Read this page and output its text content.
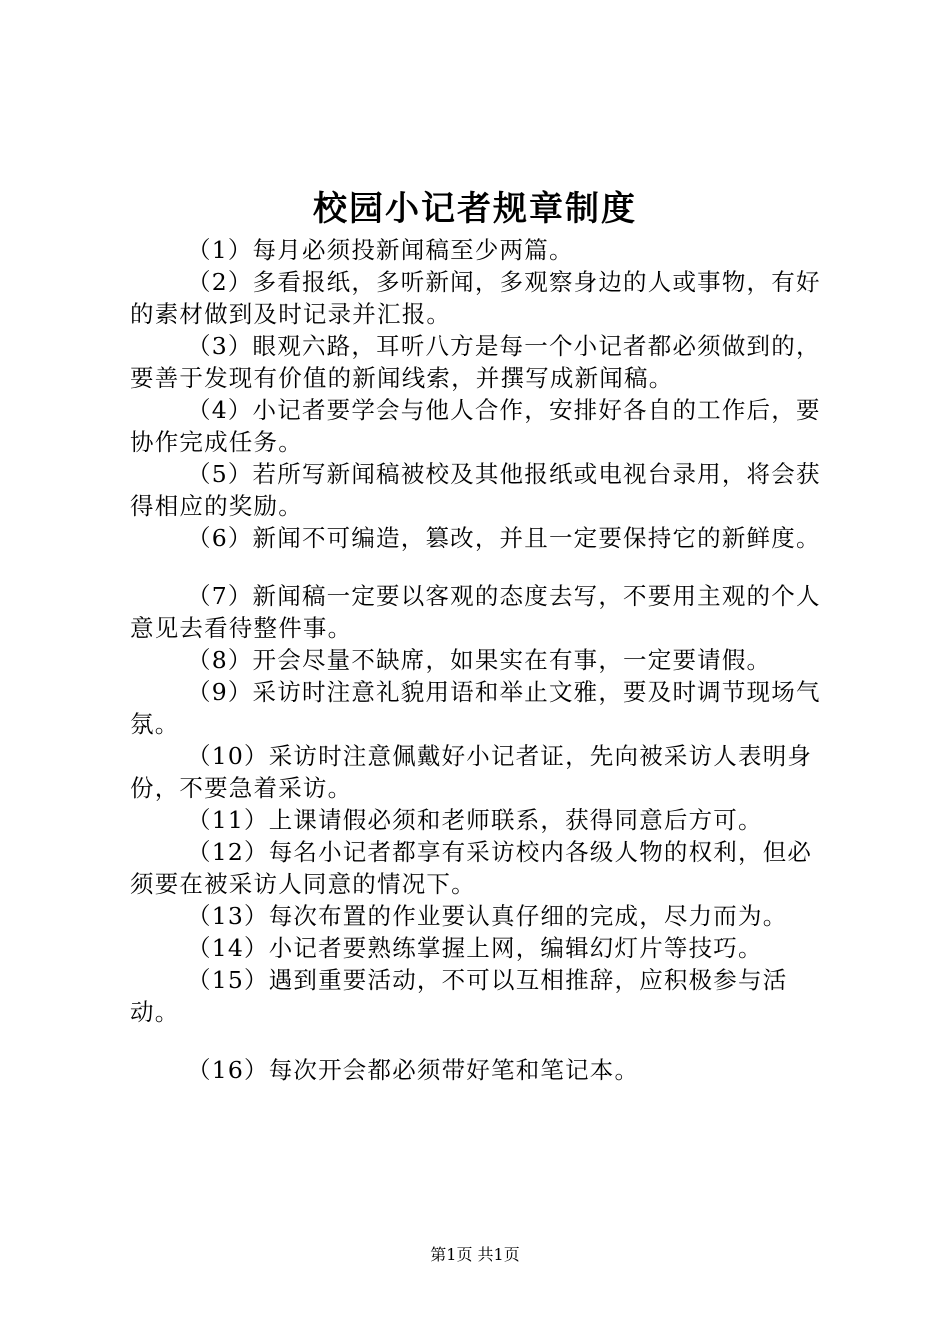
校园小记者规章制度

（1）每月必须投新闻稿至少两篇。

（2）多看报纸，多听新闻，多观察身边的人或事物，有好的素材做到及时记录并汇报。

（3）眼观六路，耳听八方是每一个小记者都必须做到的，要善于发现有价值的新闻线索，并撰写成新闻稿。

（4）小记者要学会与他人合作，安排好各自的工作后，要协作完成任务。

（5）若所写新闻稿被校及其他报纸或电视台录用，将会获得相应的奖励。

（6）新闻不可编造，篡改，并且一定要保持它的新鲜度。

（7）新闻稿一定要以客观的态度去写，不要用主观的个人意见去看待整件事。

（8）开会尽量不缺席，如果实在有事，一定要请假。

（9）采访时注意礼貌用语和举止文雅，要及时调节现场气氛。

（10）采访时注意佩戴好小记者证，先向被采访人表明身份，不要急着采访。

（11）上课请假必须和老师联系，获得同意后方可。

（12）每名小记者都享有采访校内各级人物的权利，但必须要在被采访人同意的情况下。

（13）每次布置的作业要认真仔细的完成，尽力而为。

（14）小记者要熟练掌握上网，编辑幻灯片等技巧。

（15）遇到重要活动，不可以互相推辞，应积极参与活动。

（16）每次开会都必须带好笔和笔记本。

第1页 共1页
